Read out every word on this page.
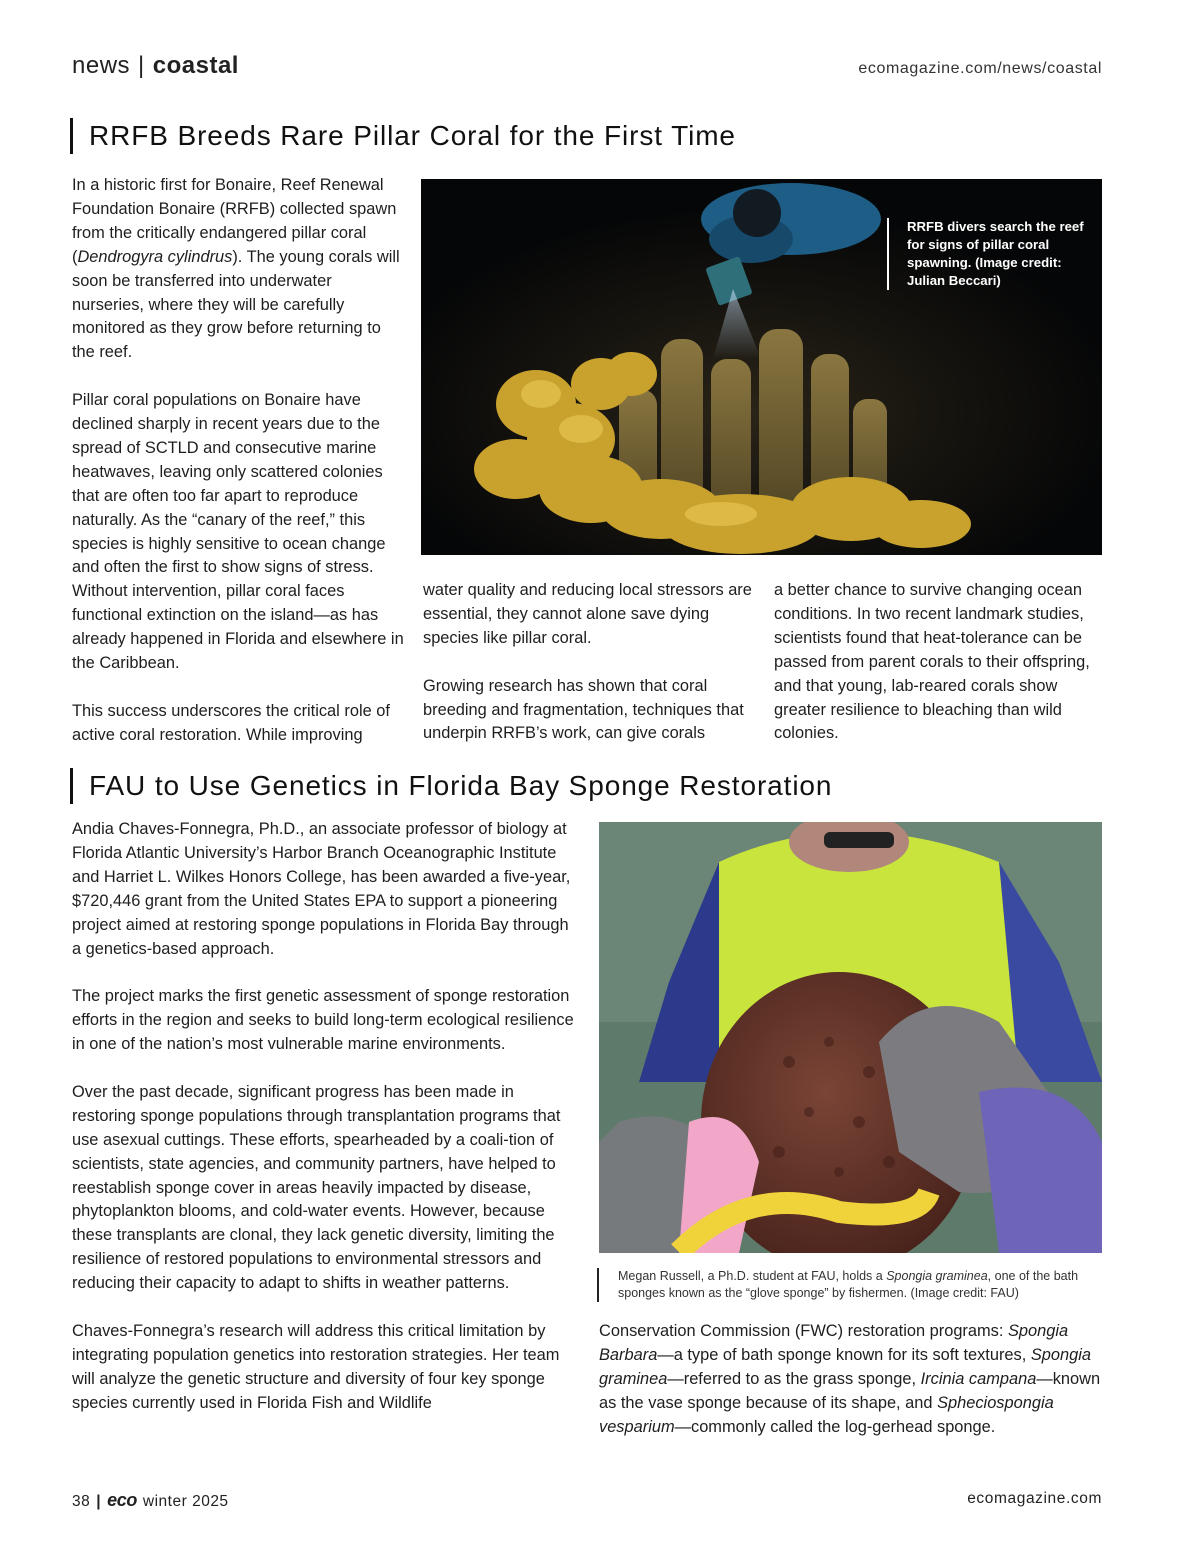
news | coastal	ecomagazine.com/news/coastal
RRFB Breeds Rare Pillar Coral for the First Time

In a historic first for Bonaire, Reef Renewal Foundation Bonaire (RRFB) collected spawn from the critically endangered pillar coral (Dendrogyra cylindrus). The young corals will soon be transferred into underwater nurseries, where they will be carefully monitored as they grow before returning to the reef.

Pillar coral populations on Bonaire have declined sharply in recent years due to the spread of SCTLD and consecutive marine heatwaves, leaving only scattered colonies that are often too far apart to reproduce naturally. As the “canary of the reef,” this species is highly sensitive to ocean change and often the first to show signs of stress. Without intervention, pillar coral faces functional extinction on the island—as has already happened in Florida and elsewhere in the Caribbean.

This success underscores the critical role of active coral restoration. While improving

RRFB divers search the reef for signs of pillar coral spawning. (Image credit: Julian Beccari)

water quality and reducing local stressors are essential, they cannot alone save dying species like pillar coral.

Growing research has shown that coral breeding and fragmentation, techniques that underpin RRFB’s work, can give corals

a better chance to survive changing ocean conditions. In two recent landmark studies, scientists found that heat-tolerance can be passed from parent corals to their offspring, and that young, lab-reared corals show greater resilience to bleaching than wild colonies.

FAU to Use Genetics in Florida Bay Sponge Restoration

Andia Chaves-Fonnegra, Ph.D., an associate professor of biology at Florida Atlantic University’s Harbor Branch Oceanographic Institute and Harriet L. Wilkes Honors College, has been awarded a five-year, $720,446 grant from the United States EPA to support a pioneering project aimed at restoring sponge populations in Florida Bay through a genetics-based approach.

The project marks the first genetic assessment of sponge restoration efforts in the region and seeks to build long-term ecological resilience in one of the nation’s most vulnerable marine environments.

Over the past decade, significant progress has been made in restoring sponge populations through transplantation programs that use asexual cuttings. These efforts, spearheaded by a coali-tion of scientists, state agencies, and community partners, have helped to reestablish sponge cover in areas heavily impacted by disease, phytoplankton blooms, and cold-water events. However, because these transplants are clonal, they lack genetic diversity, limiting the resilience of restored populations to environmental stressors and reducing their capacity to adapt to shifts in weather patterns.

Chaves-Fonnegra’s research will address this critical limitation by integrating population genetics into restoration strategies. Her team will analyze the genetic structure and diversity of four key sponge species currently used in Florida Fish and Wildlife

Megan Russell, a Ph.D. student at FAU, holds a Spongia graminea, one of the bath sponges known as the “glove sponge” by fishermen. (Image credit: FAU)

Conservation Commission (FWC) restoration programs: Spongia Barbara—a type of bath sponge known for its soft textures, Spongia graminea—referred to as the grass sponge, Ircinia campana—known as the vase sponge because of its shape, and Spheciospongia vesparium—commonly called the log-gerhead sponge.

38 | eco winter 2025	ecomagazine.com
